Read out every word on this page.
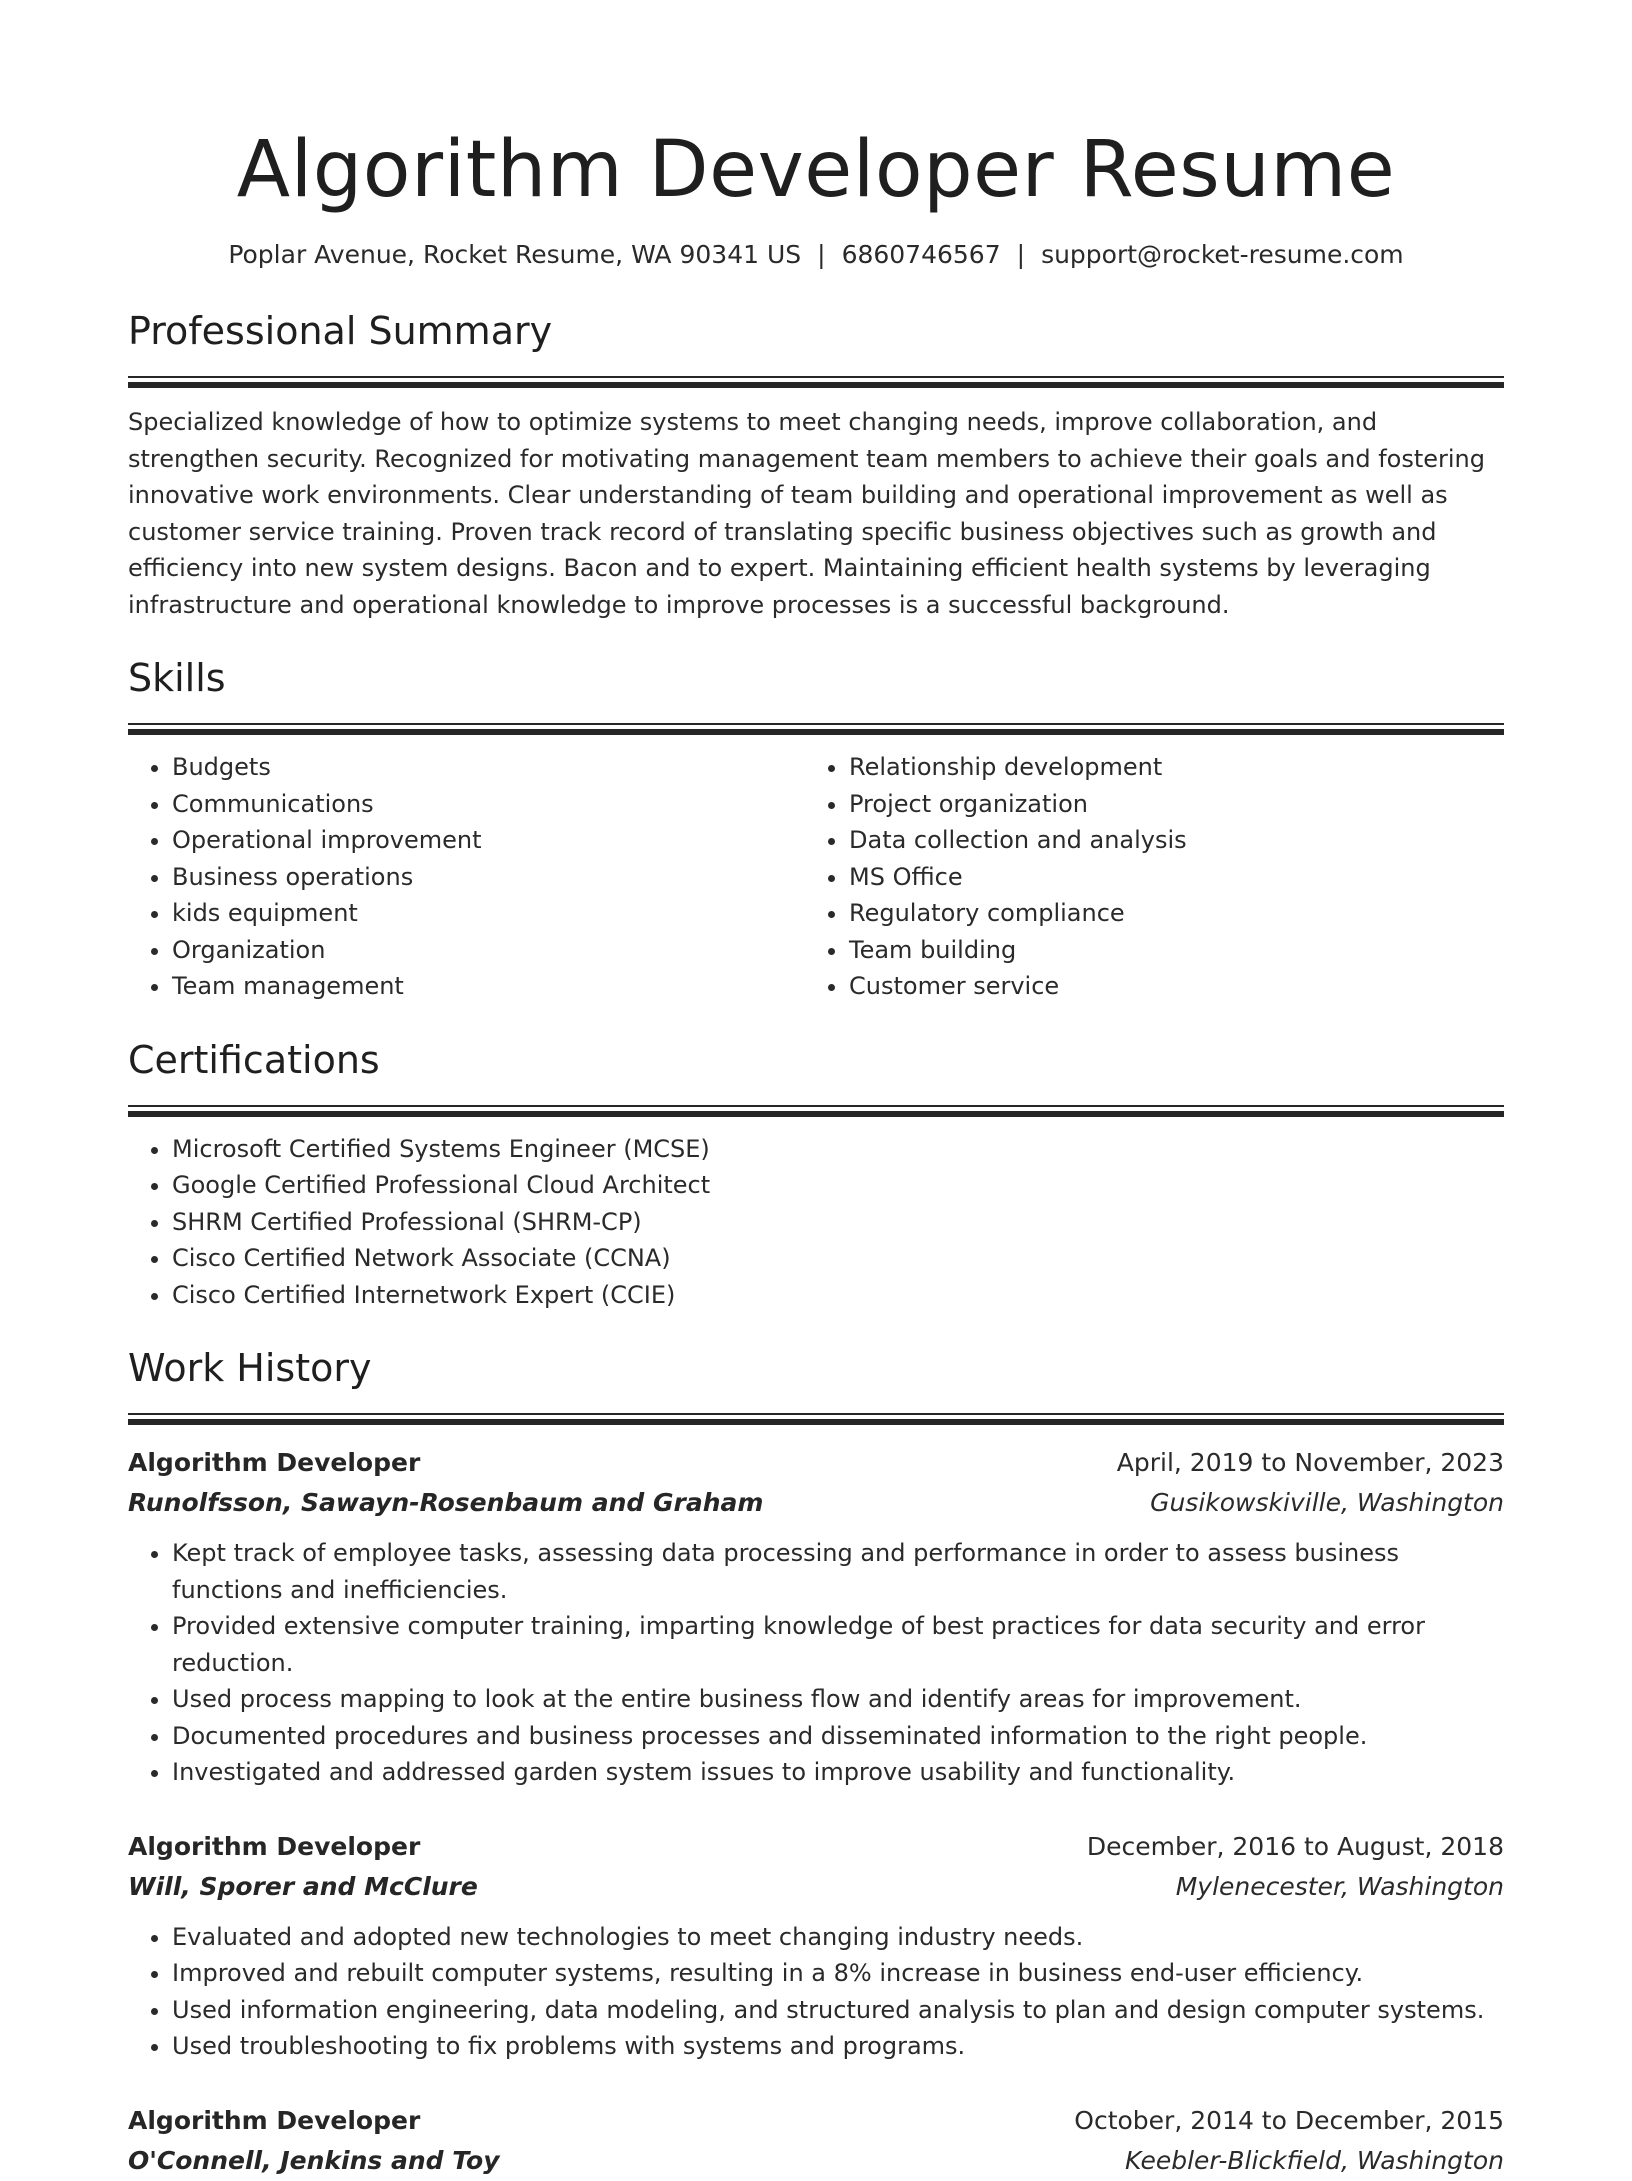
Algorithm Developer Resume
Poplar Avenue, Rocket Resume, WA 90341 US | 6860746567 | support@rocket-resume.com
Professional Summary
Specialized knowledge of how to optimize systems to meet changing needs, improve collaboration, and strengthen security. Recognized for motivating management team members to achieve their goals and fostering innovative work environments. Clear understanding of team building and operational improvement as well as customer service training. Proven track record of translating specific business objectives such as growth and efficiency into new system designs. Bacon and to expert. Maintaining efficient health systems by leveraging infrastructure and operational knowledge to improve processes is a successful background.
Skills
• Budgets
• Communications
• Operational improvement
• Business operations
• kids equipment
• Organization
• Team management
• Relationship development
• Project organization
• Data collection and analysis
• MS Office
• Regulatory compliance
• Team building
• Customer service
Certifications
• Microsoft Certified Systems Engineer (MCSE)
• Google Certified Professional Cloud Architect
• SHRM Certified Professional (SHRM-CP)
• Cisco Certified Network Associate (CCNA)
• Cisco Certified Internetwork Expert (CCIE)
Work History
Algorithm Developer	April, 2019 to November, 2023
Runolfsson, Sawayn-Rosenbaum and Graham	Gusikowskiville, Washington
• Kept track of employee tasks, assessing data processing and performance in order to assess business functions and inefficiencies.
• Provided extensive computer training, imparting knowledge of best practices for data security and error reduction.
• Used process mapping to look at the entire business flow and identify areas for improvement.
• Documented procedures and business processes and disseminated information to the right people.
• Investigated and addressed garden system issues to improve usability and functionality.
Algorithm Developer	December, 2016 to August, 2018
Will, Sporer and McClure	Mylenecester, Washington
• Evaluated and adopted new technologies to meet changing industry needs.
• Improved and rebuilt computer systems, resulting in a 8% increase in business end-user efficiency.
• Used information engineering, data modeling, and structured analysis to plan and design computer systems.
• Used troubleshooting to fix problems with systems and programs.
Algorithm Developer	October, 2014 to December, 2015
O'Connell, Jenkins and Toy	Keebler-Blickfield, Washington
